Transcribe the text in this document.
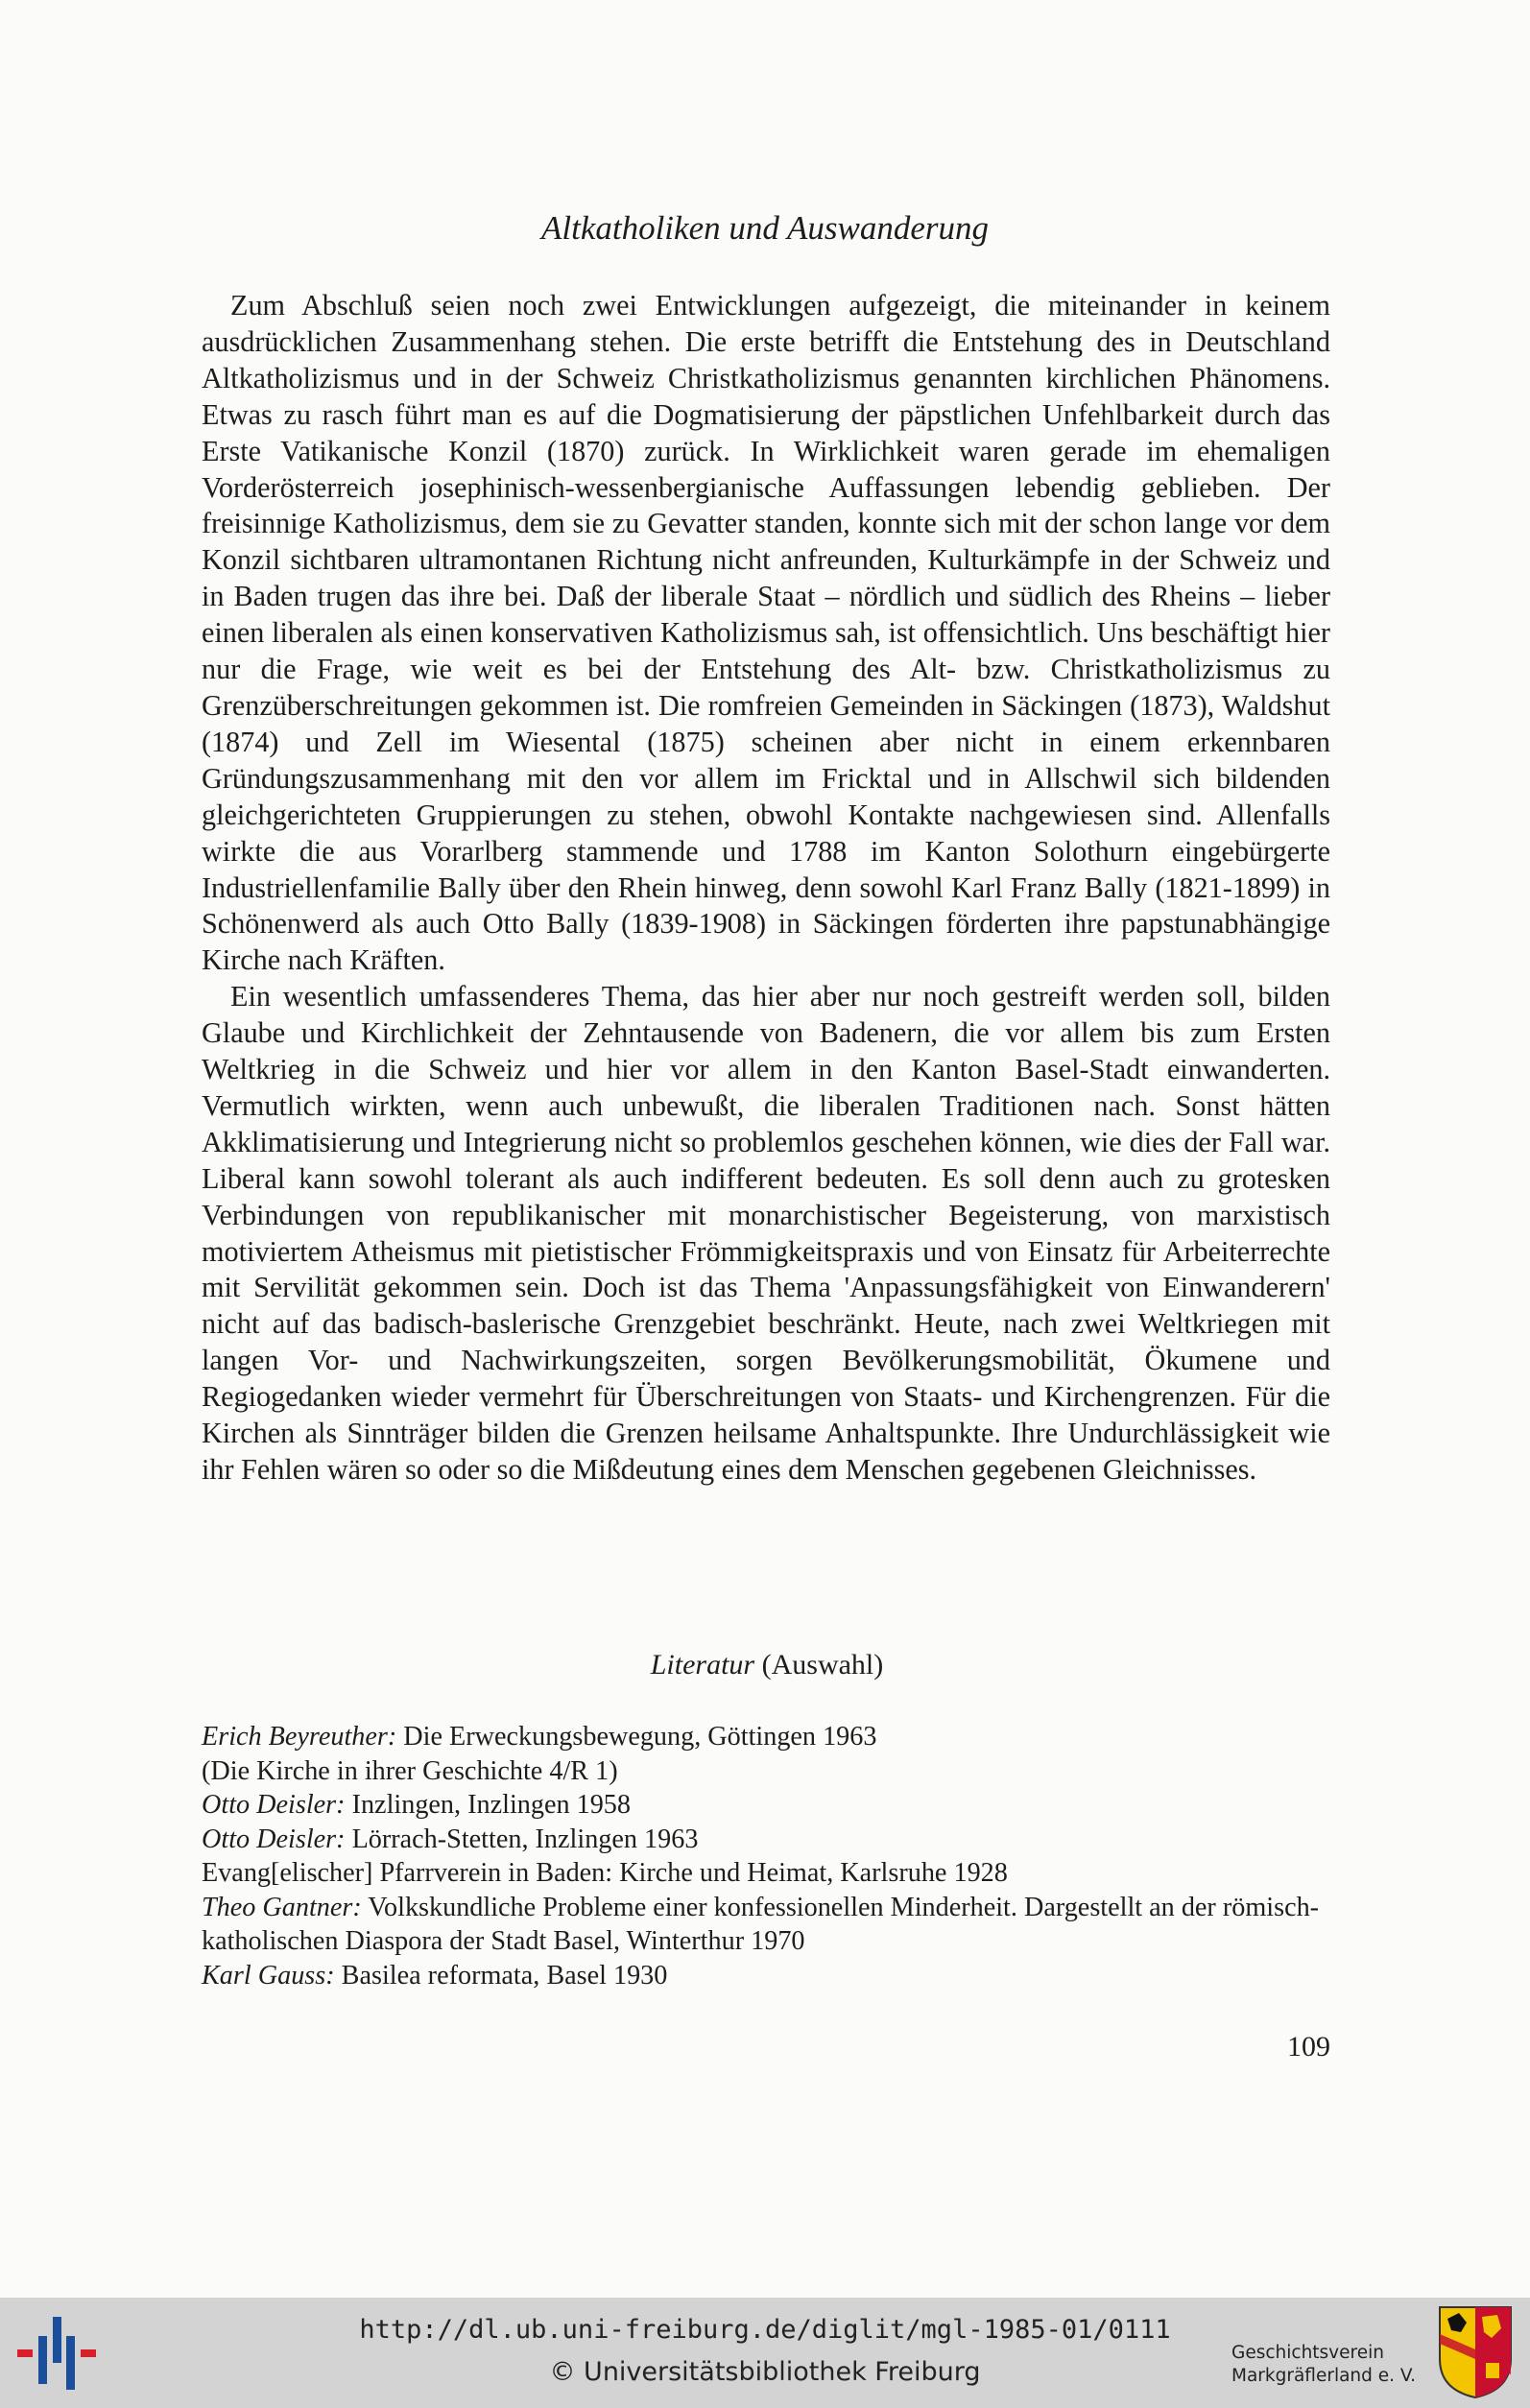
Altkatholiken und Auswanderung

Zum Abschluß seien noch zwei Entwicklungen aufgezeigt, die miteinander in keinem ausdrücklichen Zusammenhang stehen. Die erste betrifft die Entstehung des in Deutschland Altkatholizismus und in der Schweiz Christkatholizismus genannten kirchlichen Phänomens. Etwas zu rasch führt man es auf die Dogmatisierung der päpstlichen Unfehlbarkeit durch das Erste Vatikanische Konzil (1870) zurück. In Wirklichkeit waren gerade im ehemaligen Vorderösterreich josephinisch-wessenbergianische Auffassungen lebendig geblieben. Der freisinnige Katholizismus, dem sie zu Gevatter standen, konnte sich mit der schon lange vor dem Konzil sichtbaren ultramontanen Richtung nicht anfreunden, Kulturkämpfe in der Schweiz und in Baden trugen das ihre bei. Daß der liberale Staat – nördlich und südlich des Rheins – lieber einen liberalen als einen konservativen Katholizismus sah, ist offensichtlich. Uns beschäftigt hier nur die Frage, wie weit es bei der Entstehung des Alt- bzw. Christkatholizismus zu Grenzüberschreitungen gekommen ist. Die romfreien Gemeinden in Säckingen (1873), Waldshut (1874) und Zell im Wiesental (1875) scheinen aber nicht in einem erkennbaren Gründungszusammenhang mit den vor allem im Fricktal und in Allschwil sich bildenden gleichgerichteten Gruppierungen zu stehen, obwohl Kontakte nachgewiesen sind. Allenfalls wirkte die aus Vorarlberg stammende und 1788 im Kanton Solothurn eingebürgerte Industriellenfamilie Bally über den Rhein hinweg, denn sowohl Karl Franz Bally (1821-1899) in Schönenwerd als auch Otto Bally (1839-1908) in Säckingen förderten ihre papstunabhängige Kirche nach Kräften.

Ein wesentlich umfassenderes Thema, das hier aber nur noch gestreift werden soll, bilden Glaube und Kirchlichkeit der Zehntausende von Badenern, die vor allem bis zum Ersten Weltkrieg in die Schweiz und hier vor allem in den Kanton Basel-Stadt einwanderten. Vermutlich wirkten, wenn auch unbewußt, die liberalen Traditionen nach. Sonst hätten Akklimatisierung und Integrierung nicht so problemlos geschehen können, wie dies der Fall war. Liberal kann sowohl tolerant als auch indifferent bedeuten. Es soll denn auch zu grotesken Verbindungen von republikanischer mit monarchistischer Begeisterung, von marxistisch motiviertem Atheismus mit pietistischer Frömmigkeitspraxis und von Einsatz für Arbeiterrechte mit Servilität gekommen sein. Doch ist das Thema 'Anpassungsfähigkeit von Einwanderern' nicht auf das badisch-baslerische Grenzgebiet beschränkt. Heute, nach zwei Weltkriegen mit langen Vor- und Nachwirkungszeiten, sorgen Bevölkerungsmobilität, Ökumene und Regiogedanken wieder vermehrt für Überschreitungen von Staats- und Kirchengrenzen. Für die Kirchen als Sinnträger bilden die Grenzen heilsame Anhaltspunkte. Ihre Undurchlässigkeit wie ihr Fehlen wären so oder so die Mißdeutung eines dem Menschen gegebenen Gleichnisses.

Literatur (Auswahl)
Erich Beyreuther: Die Erweckungsbewegung, Göttingen 1963
(Die Kirche in ihrer Geschichte 4/R 1)
Otto Deisler: Inzlingen, Inzlingen 1958
Otto Deisler: Lörrach-Stetten, Inzlingen 1963
Evang[elischer] Pfarrverein in Baden: Kirche und Heimat, Karlsruhe 1928
Theo Gantner: Volkskundliche Probleme einer konfessionellen Minderheit. Dargestellt an der römisch-katholischen Diaspora der Stadt Basel, Winterthur 1970
Karl Gauss: Basilea reformata, Basel 1930
109
http://dl.ub.uni-freiburg.de/diglit/mgl-1985-01/0111
© Universitätsbibliothek Freiburg
Geschichtsverein
Markgräflerland e. V.
